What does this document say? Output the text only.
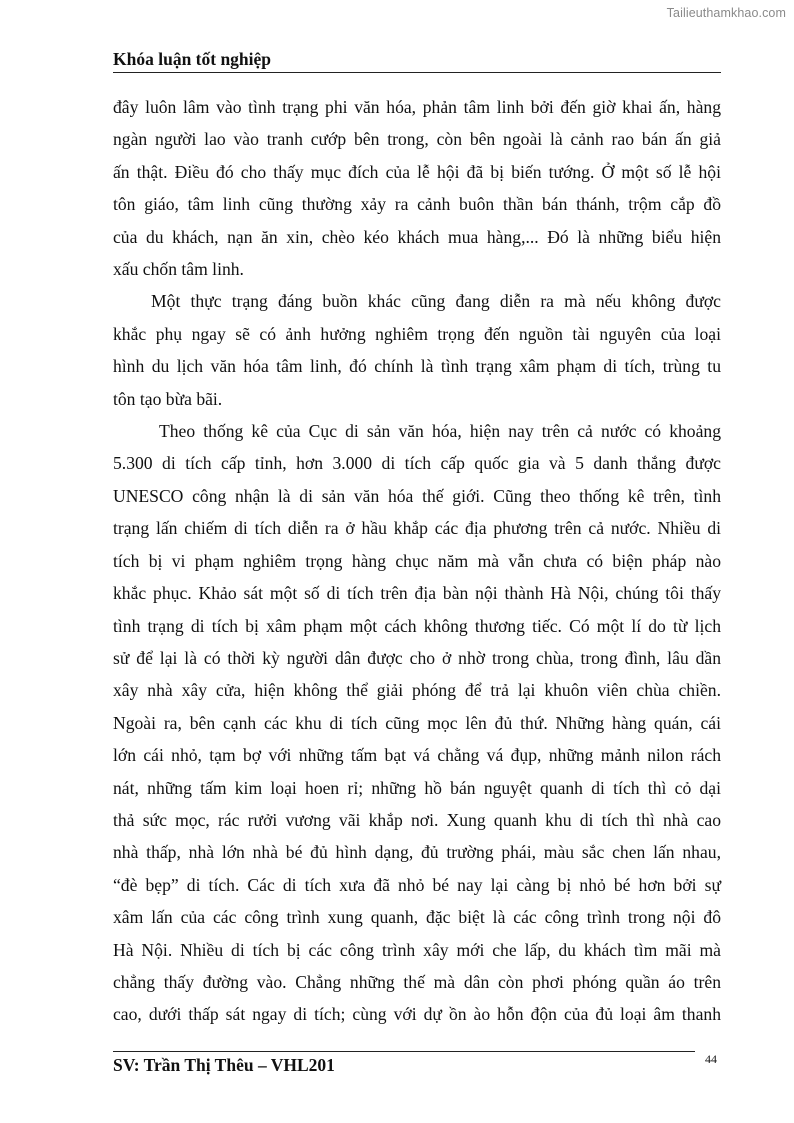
Tailieuthamkhao.com
Khóa luận tốt nghiệp

đây luôn lâm vào tình trạng phi văn hóa, phản tâm linh bởi đến giờ khai ấn, hàng
ngàn người lao vào tranh cướp bên trong, còn bên ngoài là cảnh rao bán ấn giả
ấn thật. Điều đó cho thấy mục đích của lễ hội đã bị biến tướng. Ở một số lễ hội
tôn giáo, tâm linh cũng thường xảy ra cảnh buôn thần bán thánh, trộm cắp đồ
của du khách, nạn ăn xin, chèo kéo khách mua hàng,... Đó là những biểu hiện
xấu chốn tâm linh.

Một thực trạng đáng buồn khác cũng đang diễn ra mà nếu không được
khắc phụ ngay sẽ có ảnh hưởng nghiêm trọng đến nguồn tài nguyên của loại
hình du lịch văn hóa tâm linh, đó chính là tình trạng xâm phạm di tích, trùng tu
tôn tạo bừa bãi.

Theo thống kê của Cục di sản văn hóa, hiện nay trên cả nước có khoảng
5.300 di tích cấp tỉnh, hơn 3.000 di tích cấp quốc gia và 5 danh thắng được
UNESCO công nhận là di sản văn hóa thế giới. Cũng theo thống kê trên, tình
trạng lấn chiếm di tích diễn ra ở hầu khắp các địa phương trên cả nước. Nhiều di
tích bị vi phạm nghiêm trọng hàng chục năm mà vẫn chưa có biện pháp nào
khắc phục. Khảo sát một số di tích trên địa bàn nội thành Hà Nội, chúng tôi thấy
tình trạng di tích bị xâm phạm một cách không thương tiếc. Có một lí do từ lịch
sử để lại là có thời kỳ người dân được cho ở nhờ trong chùa, trong đình, lâu dần
xây nhà xây cửa, hiện không thể giải phóng để trả lại khuôn viên chùa chiền.
Ngoài ra, bên cạnh các khu di tích cũng mọc lên đủ thứ. Những hàng quán, cái
lớn cái nhỏ, tạm bợ với những tấm bạt vá chằng vá đụp, những mảnh nilon rách
nát, những tấm kim loại hoen rỉ; những hồ bán nguyệt quanh di tích thì cỏ dại
thả sức mọc, rác rưởi vương vãi khắp nơi. Xung quanh khu di tích thì nhà cao
nhà thấp, nhà lớn nhà bé đủ hình dạng, đủ trường phái, màu sắc chen lấn nhau,
“đè bẹp” di tích. Các di tích xưa đã nhỏ bé nay lại càng bị nhỏ bé hơn bởi sự
xâm lấn của các công trình xung quanh, đặc biệt là các công trình trong nội đô
Hà Nội. Nhiều di tích bị các công trình xây mới che lấp, du khách tìm mãi mà
chẳng thấy đường vào. Chẳng những thế mà dân còn phơi phóng quần áo trên
cao, dưới thấp sát ngay di tích; cùng với dự ồn ào hỗn độn của đủ loại âm thanh

SV: Trần Thị Thêu – VHL201	44
